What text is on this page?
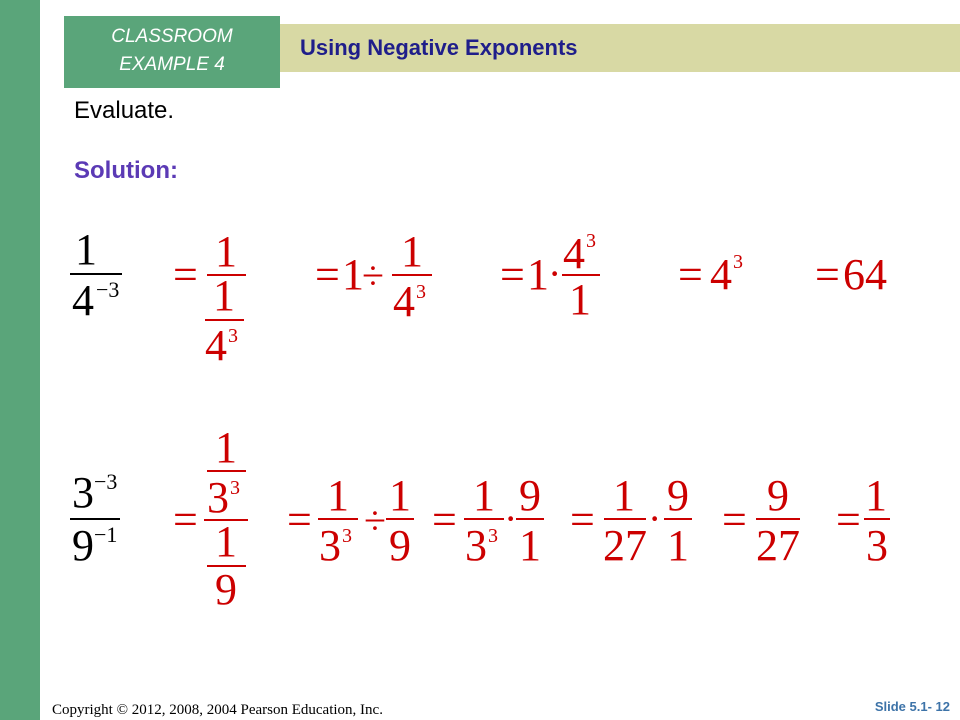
CLASSROOM
EXAMPLE 4
Using Negative Exponents
Evaluate.
Solution:
1
4 −3 = 1
1
4 3
= 1
÷ 1
4 3 = 1 · 4 3
1
= 4 3 = 64
3 −3
9 −1 =
1
3 3
1
9
= 1
3 3 ÷
1
9
= 1
3 3 · 9
1
= 1
27
· 9
1
= 9
27
= 1
3
Copyright © 2012, 2008, 2004 Pearson Education, Inc.	Slide 5.1- 12
